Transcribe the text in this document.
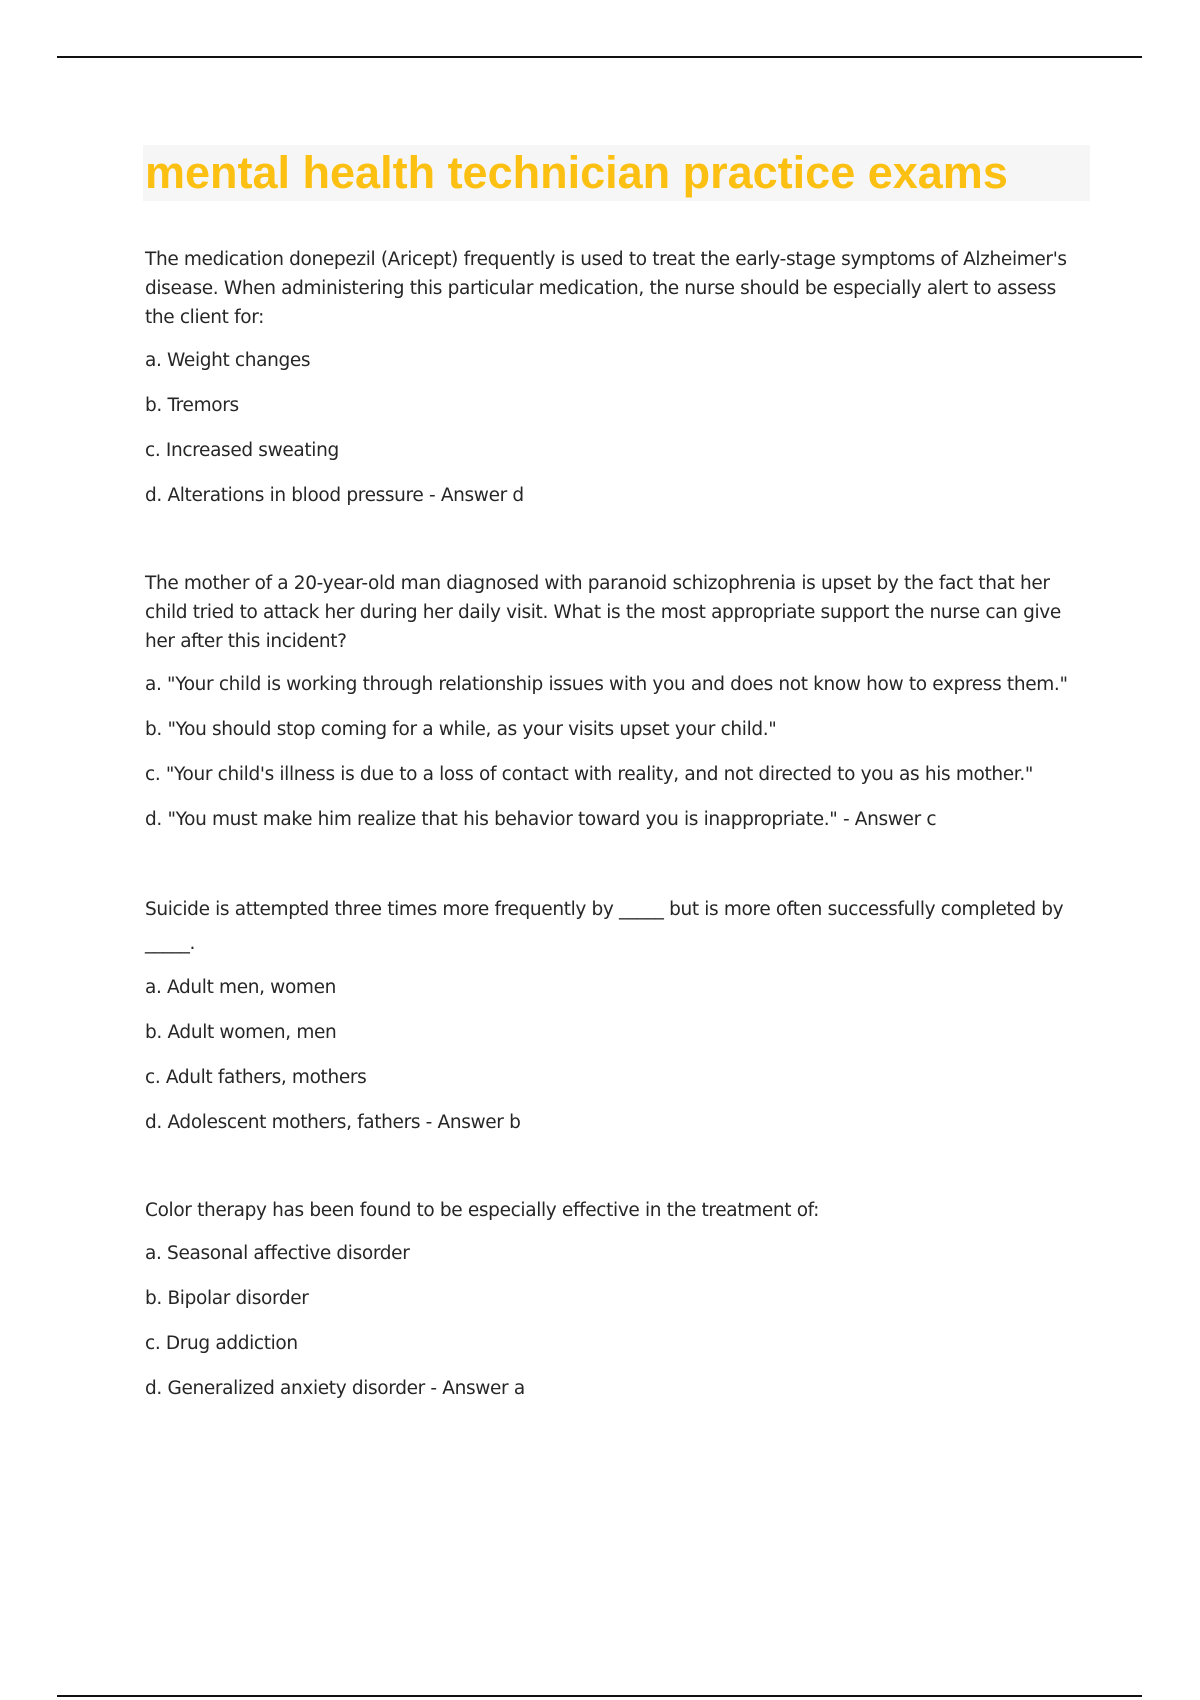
mental health technician practice exams

The medication donepezil (Aricept) frequently is used to treat the early-stage symptoms of Alzheimer's disease. When administering this particular medication, the nurse should be especially alert to assess the client for:

a. Weight changes

b. Tremors

c. Increased sweating

d. Alterations in blood pressure - Answer d

The mother of a 20-year-old man diagnosed with paranoid schizophrenia is upset by the fact that her child tried to attack her during her daily visit. What is the most appropriate support the nurse can give her after this incident?

a. "Your child is working through relationship issues with you and does not know how to express them."

b. "You should stop coming for a while, as your visits upset your child."

c. "Your child's illness is due to a loss of contact with reality, and not directed to you as his mother."

d. "You must make him realize that his behavior toward you is inappropriate." - Answer c

Suicide is attempted three times more frequently by _____ but is more often successfully completed by _____.

a. Adult men, women

b. Adult women, men

c. Adult fathers, mothers

d. Adolescent mothers, fathers - Answer b

Color therapy has been found to be especially effective in the treatment of:

a. Seasonal affective disorder

b. Bipolar disorder

c. Drug addiction

d. Generalized anxiety disorder - Answer a
